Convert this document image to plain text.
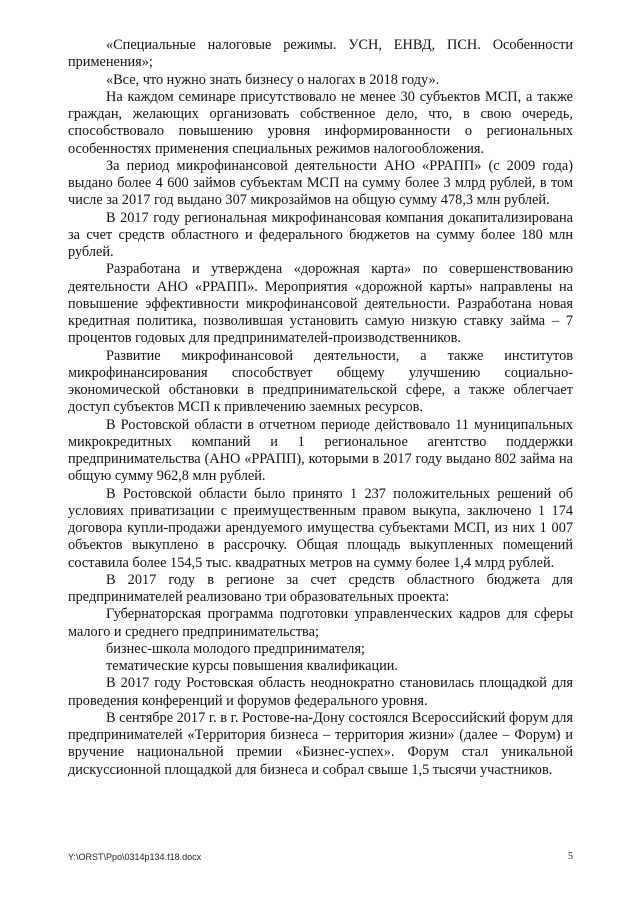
«Специальные налоговые режимы. УСН, ЕНВД, ПСН. Особенности применения»;

«Все, что нужно знать бизнесу о налогах в 2018 году».

На каждом семинаре присутствовало не менее 30 субъектов МСП, а также граждан, желающих организовать собственное дело, что, в свою очередь, способствовало повышению уровня информированности о региональных особенностях применения специальных режимов налогообложения.

За период микрофинансовой деятельности АНО «РРАПП» (с 2009 года) выдано более 4 600 займов субъектам МСП на сумму более 3 млрд рублей, в том числе за 2017 год выдано 307 микрозаймов на общую сумму 478,3 млн рублей.

В 2017 году региональная микрофинансовая компания докапитализирована за счет средств областного и федерального бюджетов на сумму более 180 млн рублей.

Разработана и утверждена «дорожная карта» по совершенствованию деятельности АНО «РРАПП». Мероприятия «дорожной карты» направлены на повышение эффективности микрофинансовой деятельности. Разработана новая кредитная политика, позволившая установить самую низкую ставку займа – 7 процентов годовых для предпринимателей-производственников.

Развитие микрофинансовой деятельности, а также институтов микрофинансирования способствует общему улучшению социально-экономической обстановки в предпринимательской сфере, а также облегчает доступ субъектов МСП к привлечению заемных ресурсов.

В Ростовской области в отчетном периоде действовало 11 муниципальных микрокредитных компаний и 1 региональное агентство поддержки предпринимательства (АНО «РРАПП), которыми в 2017 году выдано 802 займа на общую сумму 962,8 млн рублей.

В Ростовской области было принято 1 237 положительных решений об условиях приватизации с преимущественным правом выкупа, заключено 1 174 договора купли-продажи арендуемого имущества субъектами МСП, из них 1 007 объектов выкуплено в рассрочку. Общая площадь выкупленных помещений составила более 154,5 тыс. квадратных метров на сумму более 1,4 млрд рублей.

В 2017 году в регионе за счет средств областного бюджета для предпринимателей реализовано три образовательных проекта:

Губернаторская программа подготовки управленческих кадров для сферы малого и среднего предпринимательства;

бизнес-школа молодого предпринимателя;

тематические курсы повышения квалификации.

В 2017 году Ростовская область неоднократно становилась площадкой для проведения конференций и форумов федерального уровня.

В сентябре 2017 г. в г. Ростове-на-Дону состоялся Всероссийский форум для предпринимателей «Территория бизнеса – территория жизни» (далее – Форум) и вручение национальной премии «Бизнес-успех». Форум стал уникальной дискуссионной площадкой для бизнеса и собрал свыше 1,5 тысячи участников.

Y:\ORST\Ppo\0314p134.f18.docx	5
